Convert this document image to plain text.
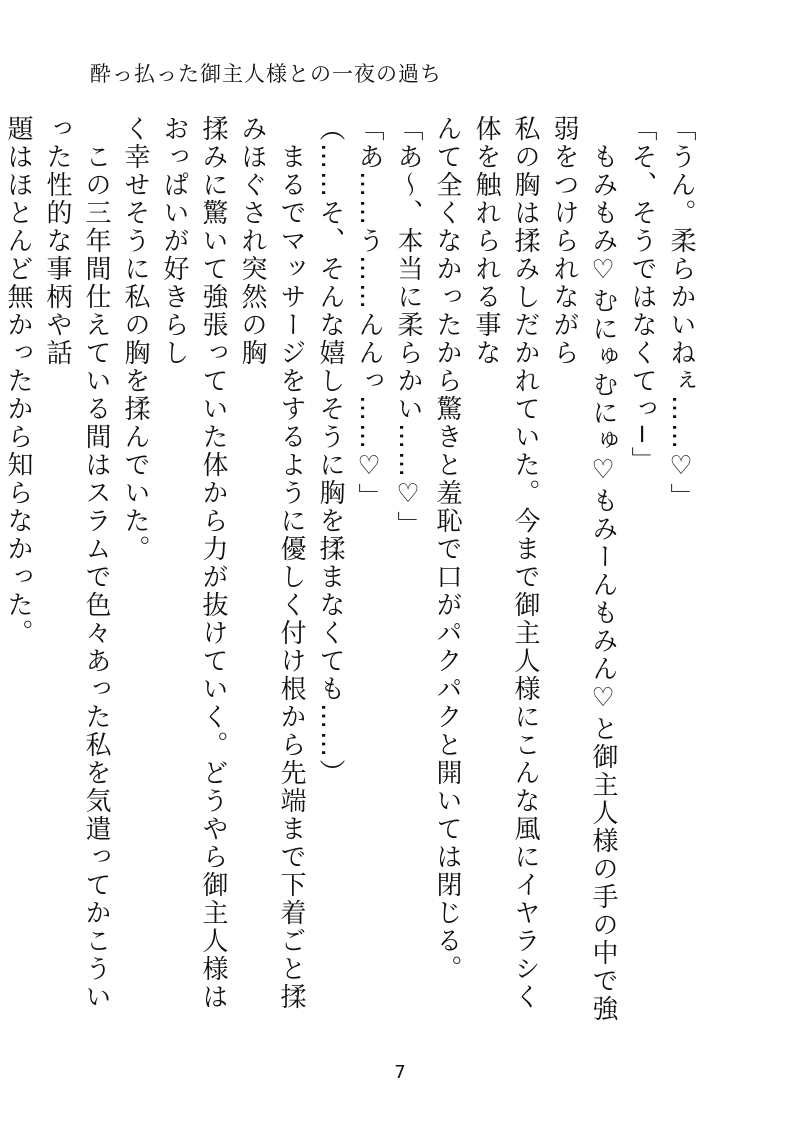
酔っ払った御主人様との一夜の過ち

「うん。柔らかいねぇ……♡」

「そ、そうではなくてっ−」

　もみもみ♡むにゅむにゅ♡もみーんもみん♡と御主人様の手の中で強弱をつけられながら

私の胸は揉みしだかれていた。今まで御主人様にこんな風にイヤラシく体を触れられる事な

んて全くなかったから驚きと羞恥で口がパクパクと開いては閉じる。

「あ〜、本当に柔らかい……♡」

「あ……う……んんっ……♡」

（……そ、そんな嬉しそうに胸を揉まなくても……）

　まるでマッサージをするように優しく付け根から先端まで下着ごと揉みほぐされ突然の胸

揉みに驚いて強張っていた体から力が抜けていく。どうやら御主人様はおっぱいが好きらし

く幸せそうに私の胸を揉んでいた。

　この三年間仕えている間はスラムで色々あった私を気遣ってかこういった性的な事柄や話

題はほとんど無かったから知らなかった。

7
